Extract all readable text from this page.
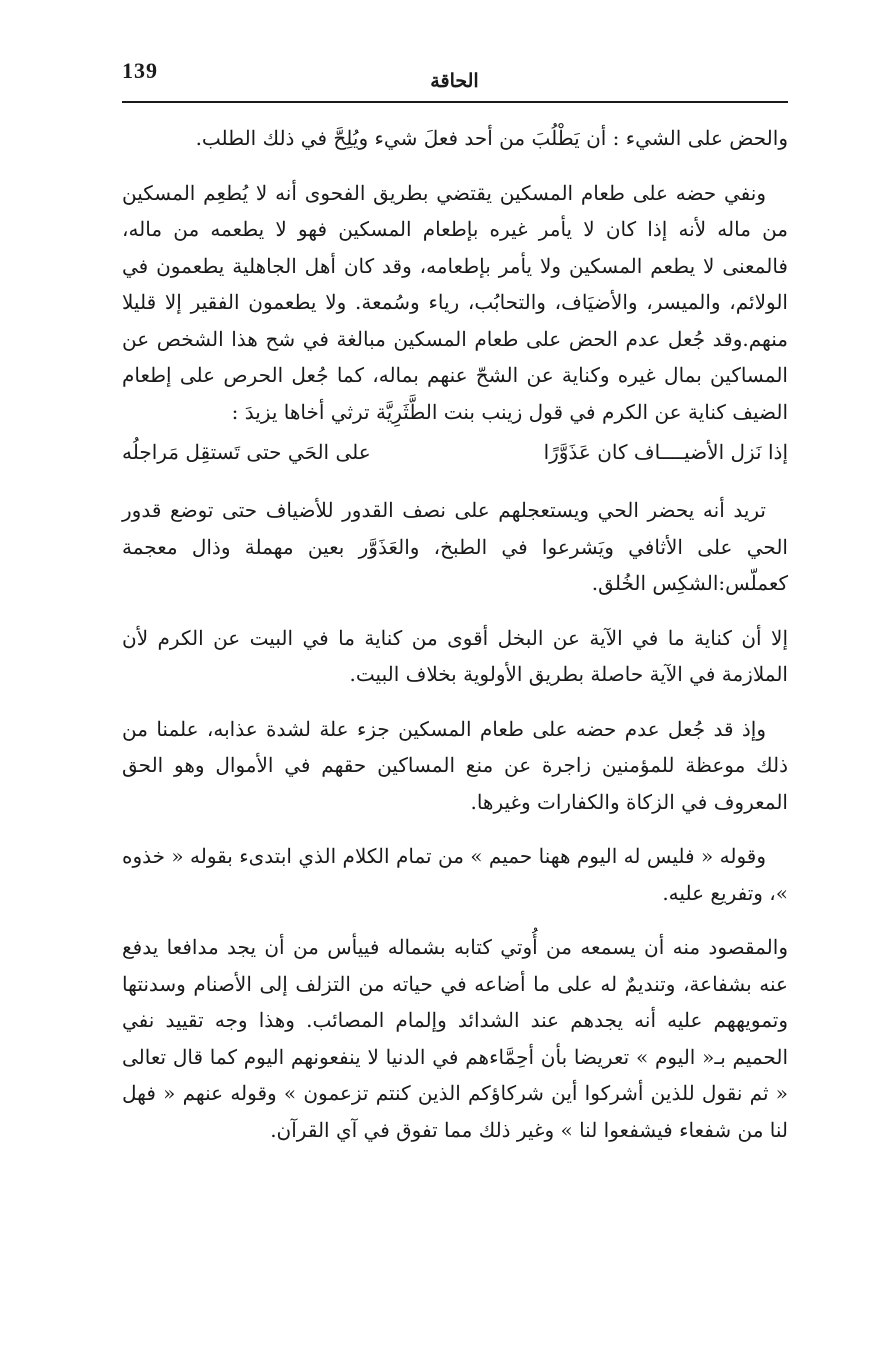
139	الحاقة

والحض على الشيء : أن يَطْلُبَ من أحد فعلَ شيء ويُلِحَّ في ذلك الطلب.

ونفي حضه على طعام المسكين يقتضي بطريق الفحوى أنه لا يُطعِم المسكين من ماله لأنه إذا كان لا يأمر غيره بإطعام المسكين فهو لا يطعمه من ماله، فالمعنى لا يطعم المسكين ولا يأمر بإطعامه، وقد كان أهل الجاهلية يطعمون في الولائم، والميسر، والأضيَاف، والتحابُب، رياء وسُمعة. ولا يطعمون الفقير إلا قليلا منهم.وقد جُعل عدم الحض على طعام المسكين مبالغة في شح هذا الشخص عن المساكين بمال غيره وكناية عن الشحّ عنهم بماله، كما جُعل الحرص على إطعام الضيف كناية عن الكرم في قول زينب بنت الطَّثَرِيَّة ترثي أخاها يزيدَ :

إذا نَزل الأضيــــاف كان عَذَوَّرًا
على الحَي حتى تَستقِل مَراجلُه

تريد أنه يحضر الحي ويستعجلهم على نصف القدور للأضياف حتى توضع قدور الحي على الأثافي ويَشرعوا في الطبخ، والعَذَوَّر بعين مهملة وذال معجمة كعملّس:الشكِس الخُلق.

إلا أن كناية ما في الآية عن البخل أقوى من كناية ما في البيت عن الكرم لأن الملازمة في الآية حاصلة بطريق الأولوية بخلاف البيت.

وإذ قد جُعل عدم حضه على طعام المسكين جزء علة لشدة عذابه، علمنا من ذلك موعظة للمؤمنين زاجرة عن منع المساكين حقهم في الأموال وهو الحق المعروف في الزكاة والكفارات وغيرها.

وقوله « فليس له اليوم ههنا حميم » من تمام الكلام الذي ابتدىء بقوله « خذوه »، وتفريع عليه.

والمقصود منه أن يسمعه من أُوتي كتابه بشماله فييأس من أن يجد مدافعا يدفع عنه بشفاعة، وتنديمٌ له على ما أضاعه في حياته من التزلف إلى الأصنام وسدنتها وتمويههم عليه أنه يجدهم عند الشدائد وإلمام المصائب. وهذا وجه تقييد نفي الحميم بـ« اليوم » تعريضا بأن أحِمَّاءهم في الدنيا لا ينفعونهم اليوم كما قال تعالى « ثم نقول للذين أشركوا أين شركاؤكم الذين كنتم تزعمون » وقوله عنهم « فهل لنا من شفعاء فيشفعوا لنا » وغير ذلك مما تفوق في آي القرآن.
